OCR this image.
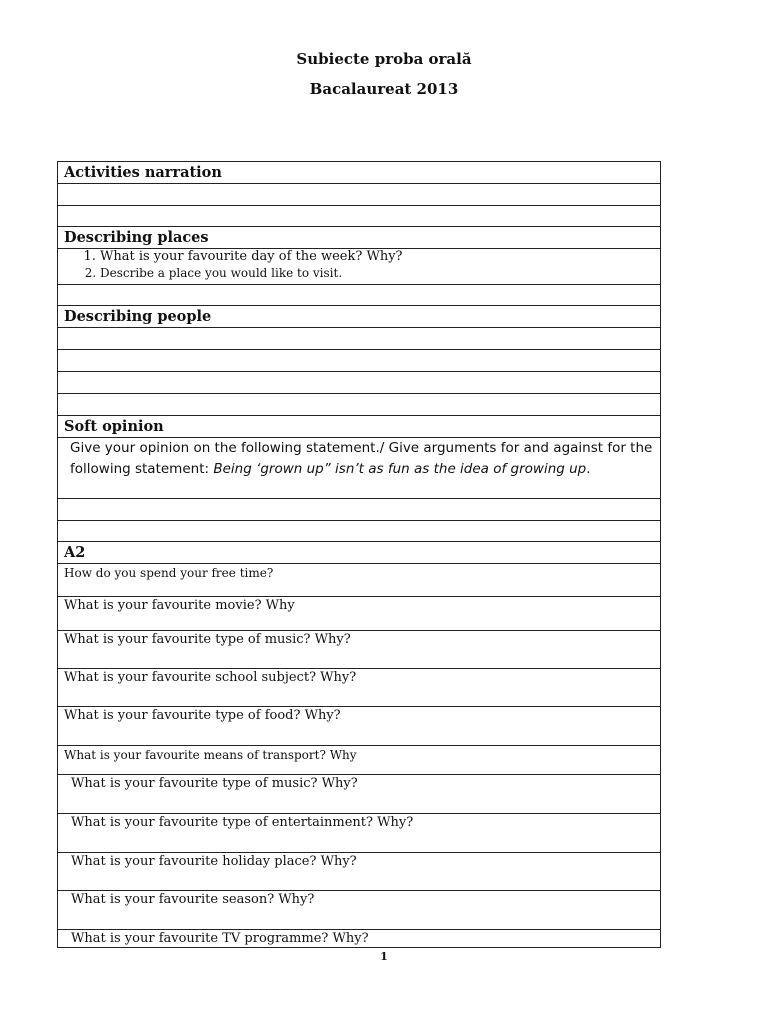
Subiecte proba orală
Bacalaureat 2013
Activities narration

Describing places

1. What is your favourite day of the week? Why?
2. Describe a place you would like to visit.

Describing people

Soft opinion
Give your opinion on the following statement./ Give arguments for and against for the following statement: Being ‘grown up” isn’t as fun as the idea of growing up.

A2
How do you spend your free time?
What is your favourite movie? Why
What is your favourite type of music? Why?
What is your favourite school subject? Why?
What is your favourite type of food? Why?
What is your favourite means of transport? Why
What is your favourite type of music? Why?
What is your favourite type of entertainment? Why?
What is your favourite holiday place? Why?
What is your favourite season? Why?
What is your favourite TV programme? Why?
1
